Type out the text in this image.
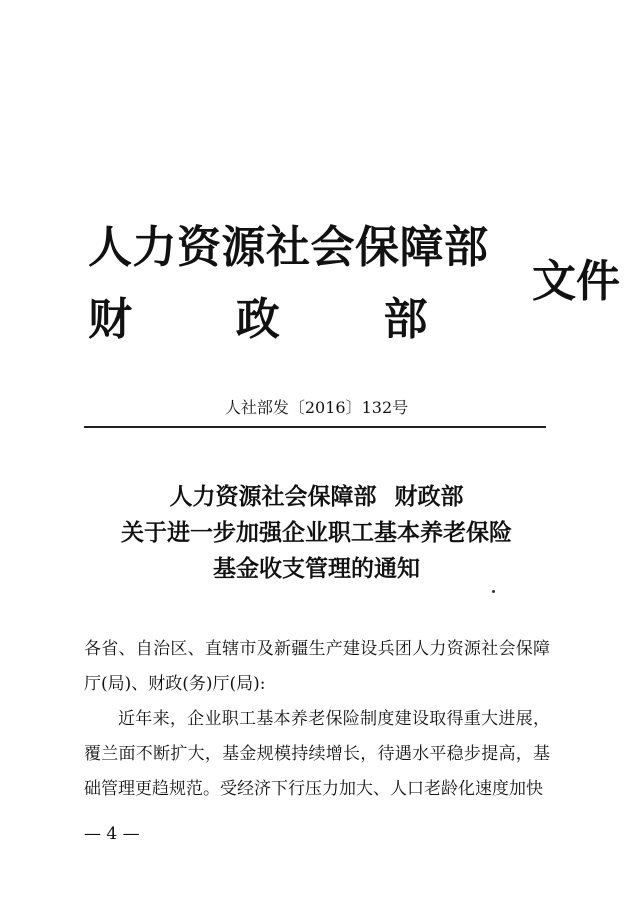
人力资源社会保障部
财 政 部
文件
人社部发〔2016〕132号
人力资源社会保障部 财政部
关于进一步加强企业职工基本养老保险
基金收支管理的通知

各省、自治区、直辖市及新疆生产建设兵团人力资源社会保障厅(局)、财政(务)厅(局):

近年来，企业职工基本养老保险制度建设取得重大进展，覆兰面不断扩大，基金规模持续增长，待遇水平稳步提高，基础管理更趋规范。受经济下行压力加大、人口老龄化速度加快

— 4 —
